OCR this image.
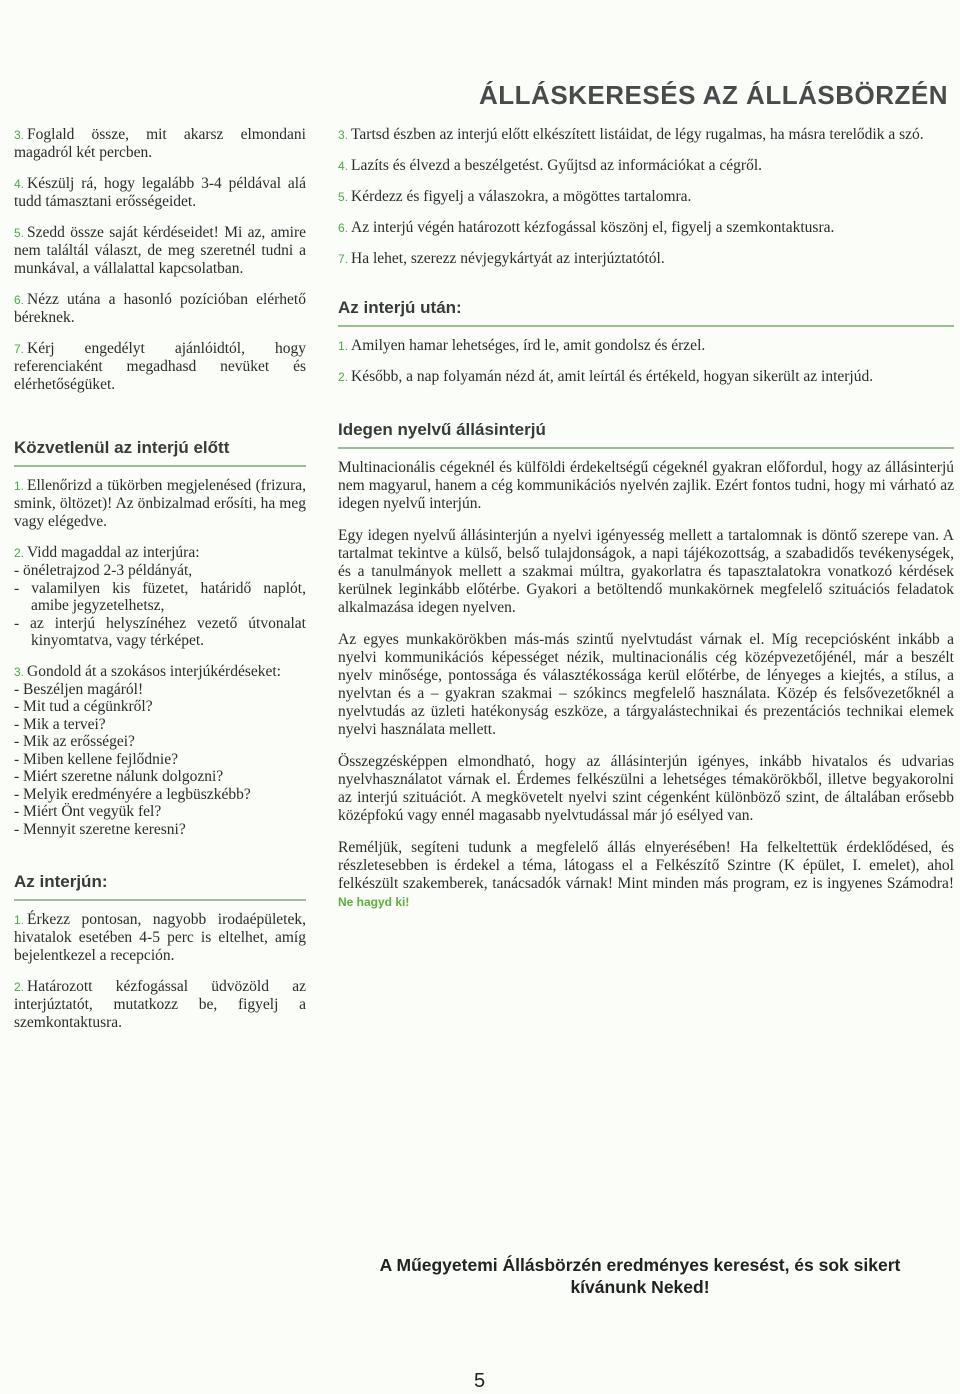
ÁLLÁSKERESÉS AZ ÁLLÁSBÖRZÉN

3. Foglald össze, mit akarsz elmondani magadról két percben.

4. Készülj rá, hogy legalább 3-4 példával alá tudd támasztani erősségeidet.

5. Szedd össze saját kérdéseidet! Mi az, amire nem találtál választ, de meg szeretnél tudni a munkával, a vállalattal kapcsolatban.

6. Nézz utána a hasonló pozícióban elérhető béreknek.

7. Kérj engedélyt ajánlóidtól, hogy referenciaként megadhasd nevüket és elérhetőségüket.

Közvetlenül az interjú előtt

1. Ellenőrizd a tükörben megjelenésed (frizura, smink, öltözet)! Az önbizalmad erősíti, ha meg vagy elégedve.

2. Vidd magaddal az interjúra:

- önéletrajzod 2-3 példányát,
- valamilyen kis füzetet, határidő naplót, amibe jegyzetelhetsz,
- az interjú helyszínéhez vezető útvonalat kinyomtatva, vagy térképet.

3. Gondold át a szokásos interjúkérdéseket:

- Beszéljen magáról!
- Mit tud a cégünkről?
- Mik a tervei?
- Mik az erősségei?
- Miben kellene fejlődnie?
- Miért szeretne nálunk dolgozni?
- Melyik eredményére a legbüszkébb?
- Miért Önt vegyük fel?
- Mennyit szeretne keresni?
Az interjún:

1. Érkezz pontosan, nagyobb irodaépületek, hivatalok esetében 4-5 perc is eltelhet, amíg bejelentkezel a recepción.

2. Határozott kézfogással üdvözöld az interjúztatót, mutatkozz be, figyelj a szemkontaktusra.

3. Tartsd észben az interjú előtt elkészített listáidat, de légy rugalmas, ha másra terelődik a szó.

4. Lazíts és élvezd a beszélgetést. Gyűjtsd az információkat a cégről.

5. Kérdezz és figyelj a válaszokra, a mögöttes tartalomra.

6. Az interjú végén határozott kézfogással köszönj el, figyelj a szemkontaktusra.

7. Ha lehet, szerezz névjegykártyát az interjúztatótól.

Az interjú után:

1. Amilyen hamar lehetséges, írd le, amit gondolsz és érzel.

2. Később, a nap folyamán nézd át, amit leírtál és értékeld, hogyan sikerült az interjúd.

Idegen nyelvű állásinterjú

Multinacionális cégeknél és külföldi érdekeltségű cégeknél gyakran előfordul, hogy az állásinterjú nem magyarul, hanem a cég kommunikációs nyelvén zajlik. Ezért fontos tudni, hogy mi várható az idegen nyelvű interjún.

Egy idegen nyelvű állásinterjún a nyelvi igényesség mellett a tartalomnak is döntő szerepe van. A tartalmat tekintve a külső, belső tulajdonságok, a napi tájékozottság, a szabadidős tevékenységek, és a tanulmányok mellett a szakmai múltra, gyakorlatra és tapasztalatokra vonatkozó kérdések kerülnek leginkább előtérbe. Gyakori a betöltendő munkakörnek megfelelő szituációs feladatok alkalmazása idegen nyelven.

Az egyes munkakörökben más-más szintű nyelvtudást várnak el. Míg recepciósként inkább a nyelvi kommunikációs képességet nézik, multinacionális cég középvezetőjénél, már a beszélt nyelv minősége, pontossága és választékossága kerül előtérbe, de lényeges a kiejtés, a stílus, a nyelvtan és a – gyakran szakmai – szókincs megfelelő használata. Közép és felsővezetőknél a nyelvtudás az üzleti hatékonyság eszköze, a tárgyalástechnikai és prezentációs technikai elemek nyelvi használata mellett.

Összegzésképpen elmondható, hogy az állásinterjún igényes, inkább hivatalos és udvarias nyelvhasználatot várnak el. Érdemes felkészülni a lehetséges témakörökből, illetve begyakorolni az interjú szituációt. A megkövetelt nyelvi szint cégenként különböző szint, de általában erősebb középfokú vagy ennél magasabb nyelvtudással már jó esélyed van.

Reméljük, segíteni tudunk a megfelelő állás elnyerésében! Ha felkeltettük érdeklődésed, és részletesebben is érdekel a téma, látogass el a Felkészítő Szintre (K épület, I. emelet), ahol felkészült szakemberek, tanácsadók várnak! Mint minden más program, ez is ingyenes Számodra! Ne hagyd ki!

A Műegyetemi Állásbörzén eredményes keresést, és sok sikert kívánunk Neked!
5
